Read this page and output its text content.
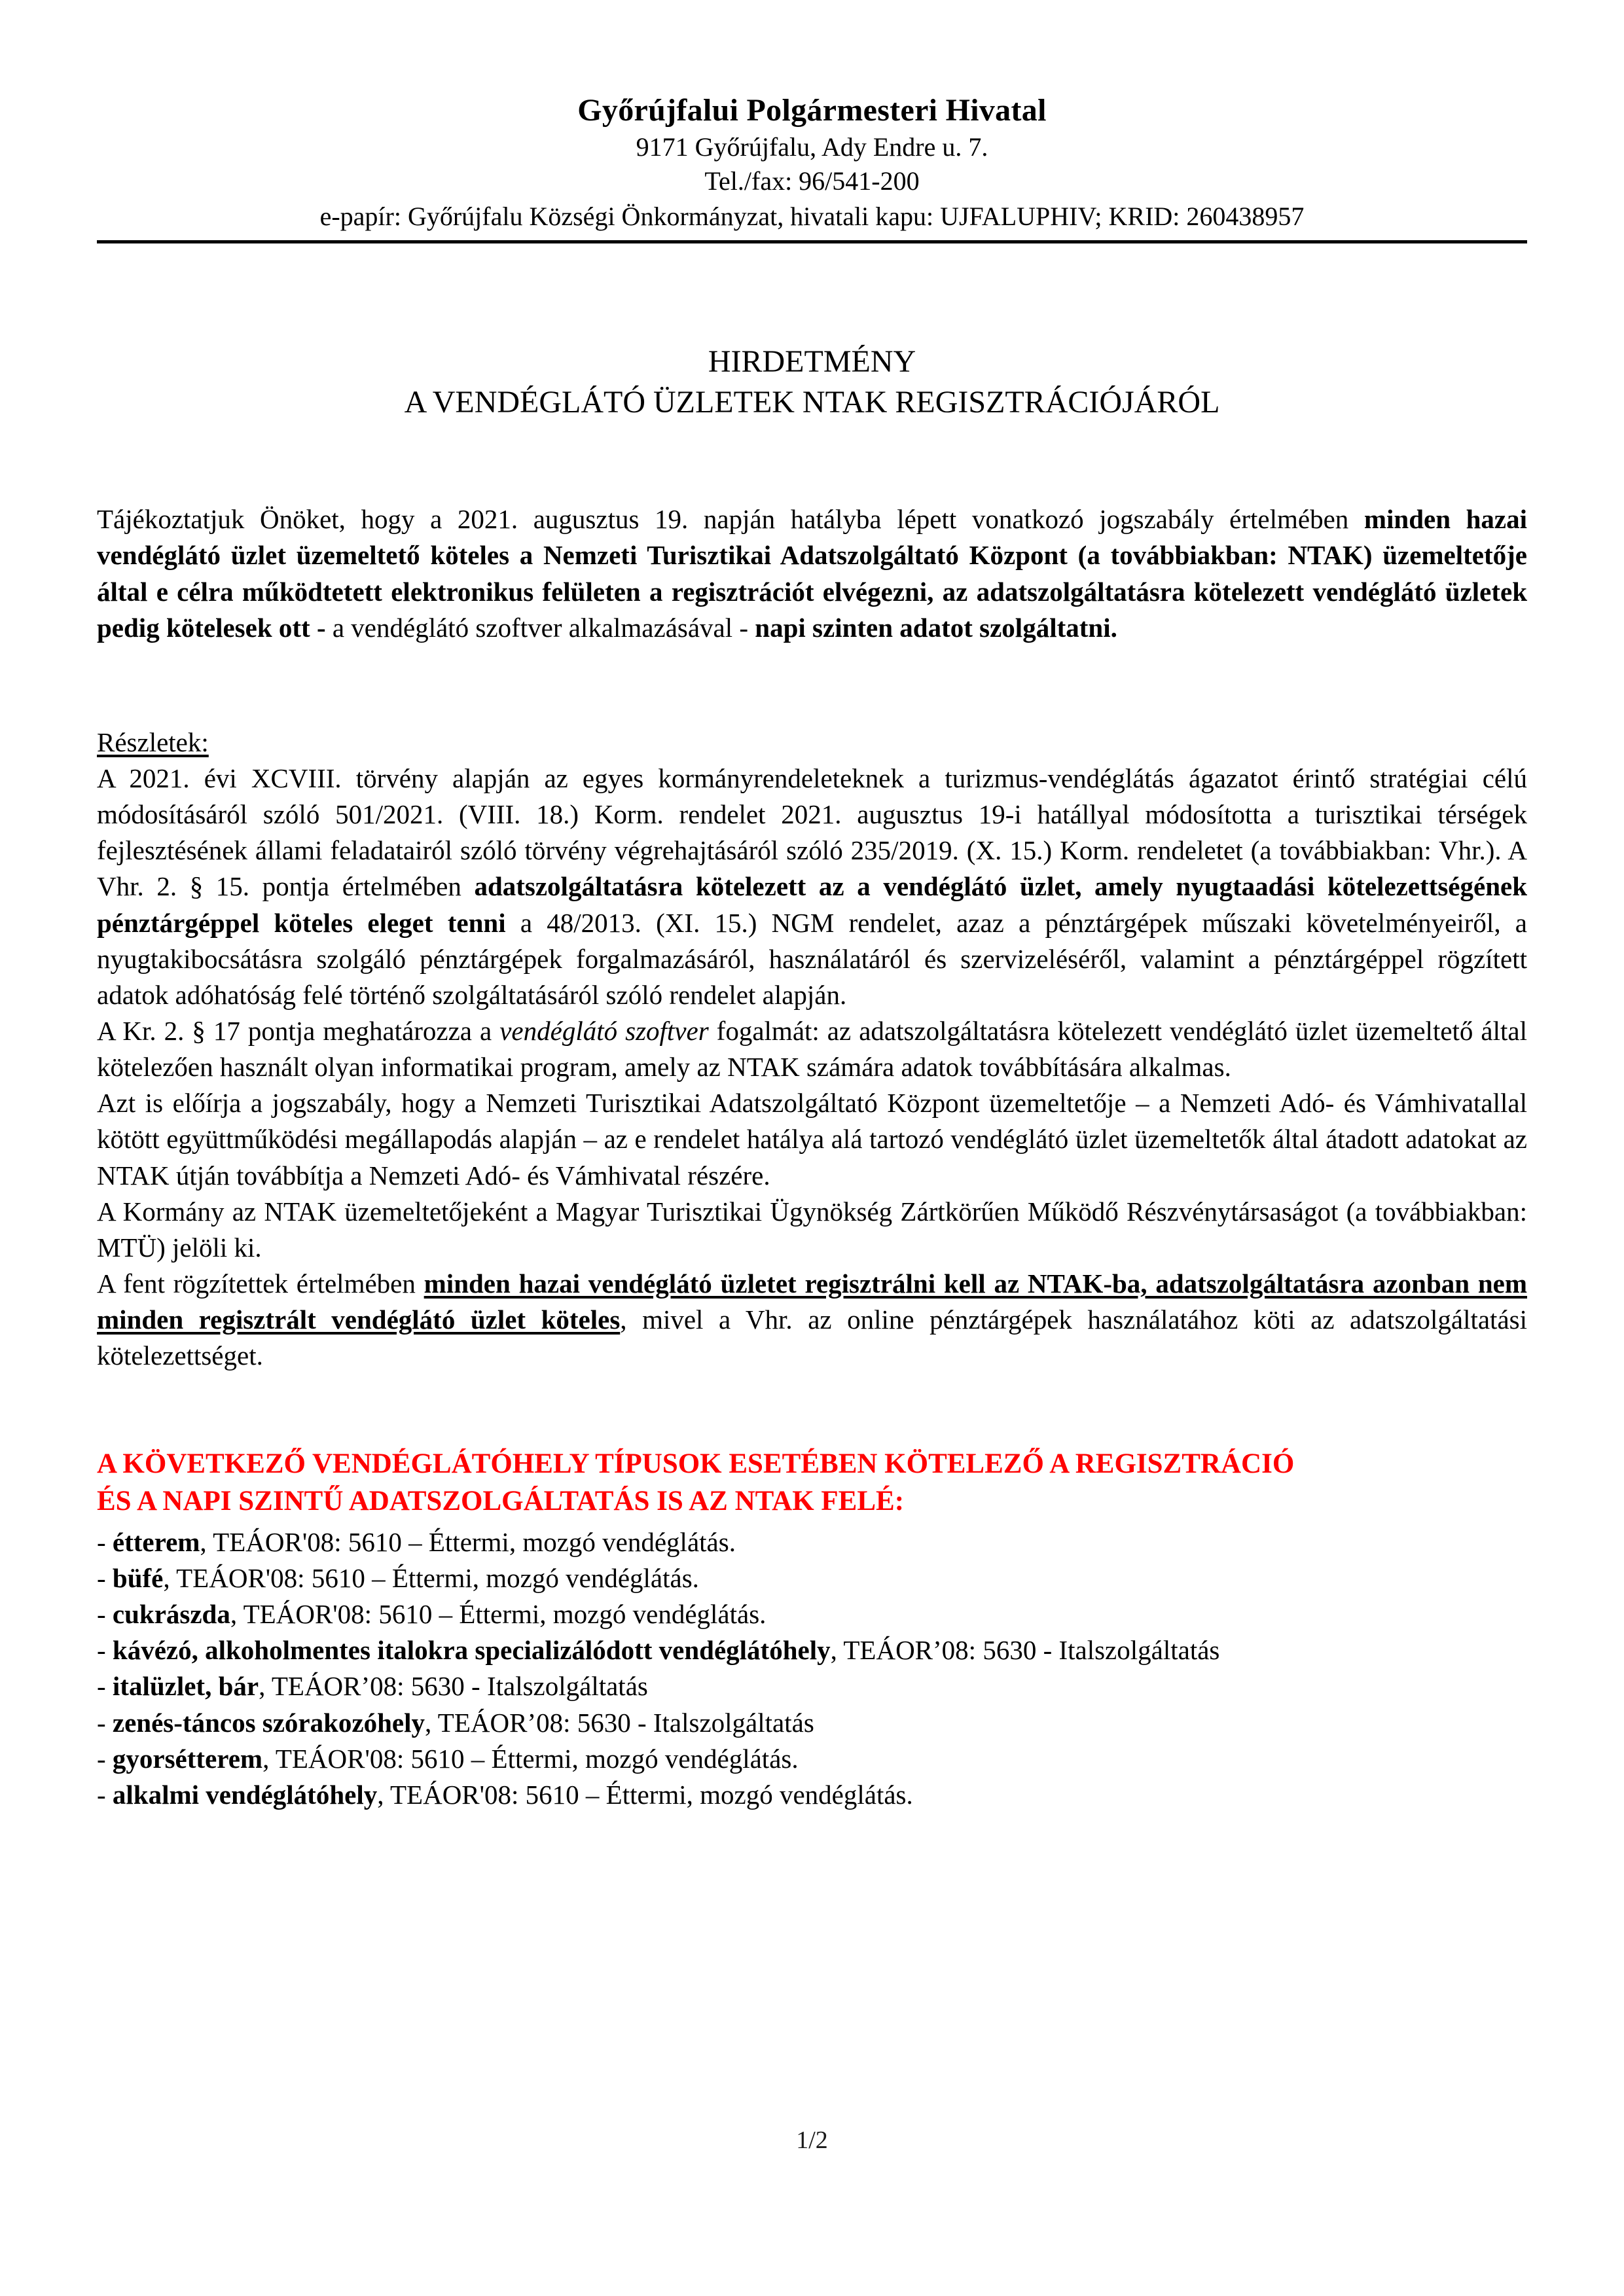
Győrújfalui Polgármesteri Hivatal
9171 Győrújfalu, Ady Endre u. 7.
Tel./fax: 96/541-200
e-papír: Győrújfalu Községi Önkormányzat, hivatali kapu: UJFALUPHIV; KRID: 260438957
HIRDETMÉNY
A VENDÉGLÁTÓ ÜZLETEK NTAK REGISZTRÁCIÓJÁRÓL

Tájékoztatjuk Önöket, hogy a 2021. augusztus 19. napján hatályba lépett vonatkozó jogszabály értelmében minden hazai vendéglátó üzlet üzemeltető köteles a Nemzeti Turisztikai Adatszolgáltató Központ (a továbbiakban: NTAK) üzemeltetője által e célra működtetett elektronikus felületen a regisztrációt elvégezni, az adatszolgáltatásra kötelezett vendéglátó üzletek pedig kötelesek ott - a vendéglátó szoftver alkalmazásával - napi szinten adatot szolgáltatni.

Részletek:

A 2021. évi XCVIII. törvény alapján az egyes kormányrendeleteknek a turizmus-vendéglátás ágazatot érintő stratégiai célú módosításáról szóló 501/2021. (VIII. 18.) Korm. rendelet 2021. augusztus 19-i hatállyal módosította a turisztikai térségek fejlesztésének állami feladatairól szóló törvény végrehajtásáról szóló 235/2019. (X. 15.) Korm. rendeletet (a továbbiakban: Vhr.). A Vhr. 2. § 15. pontja értelmében adatszolgáltatásra kötelezett az a vendéglátó üzlet, amely nyugtaadási kötelezettségének pénztárgéppel köteles eleget tenni a 48/2013. (XI. 15.) NGM rendelet, azaz a pénztárgépek műszaki követelményeiről, a nyugtakibocsátásra szolgáló pénztárgépek forgalmazásáról, használatáról és szervizeléséről, valamint a pénztárgéppel rögzített adatok adóhatóság felé történő szolgáltatásáról szóló rendelet alapján.

A Kr. 2. § 17 pontja meghatározza a vendéglátó szoftver fogalmát: az adatszolgáltatásra kötelezett vendéglátó üzlet üzemeltető által kötelezően használt olyan informatikai program, amely az NTAK számára adatok továbbítására alkalmas.

Azt is előírja a jogszabály, hogy a Nemzeti Turisztikai Adatszolgáltató Központ üzemeltetője – a Nemzeti Adó- és Vámhivatallal kötött együttműködési megállapodás alapján – az e rendelet hatálya alá tartozó vendéglátó üzlet üzemeltetők által átadott adatokat az NTAK útján továbbítja a Nemzeti Adó- és Vámhivatal részére.

A Kormány az NTAK üzemeltetőjeként a Magyar Turisztikai Ügynökség Zártkörűen Működő Részvénytársaságot (a továbbiakban: MTÜ) jelöli ki.

A fent rögzítettek értelmében minden hazai vendéglátó üzletet regisztrálni kell az NTAK-ba, adatszolgáltatásra azonban nem minden regisztrált vendéglátó üzlet köteles, mivel a Vhr. az online pénztárgépek használatához köti az adatszolgáltatási kötelezettséget.

A KÖVETKEZŐ VENDÉGLÁTÓHELY TÍPUSOK ESETÉBEN KÖTELEZŐ A REGISZTRÁCIÓ
ÉS A NAPI SZINTŰ ADATSZOLGÁLTATÁS IS AZ NTAK FELÉ:

- étterem, TEÁOR'08: 5610 – Éttermi, mozgó vendéglátás.

- büfé, TEÁOR'08: 5610 – Éttermi, mozgó vendéglátás.

- cukrászda, TEÁOR'08: 5610 – Éttermi, mozgó vendéglátás.

- kávézó, alkoholmentes italokra specializálódott vendéglátóhely, TEÁOR’08: 5630 - Italszolgáltatás

- italüzlet, bár, TEÁOR’08: 5630 - Italszolgáltatás

- zenés-táncos szórakozóhely, TEÁOR’08: 5630 - Italszolgáltatás

- gyorsétterem, TEÁOR'08: 5610 – Éttermi, mozgó vendéglátás.

- alkalmi vendéglátóhely, TEÁOR'08: 5610 – Éttermi, mozgó vendéglátás.

1/2
